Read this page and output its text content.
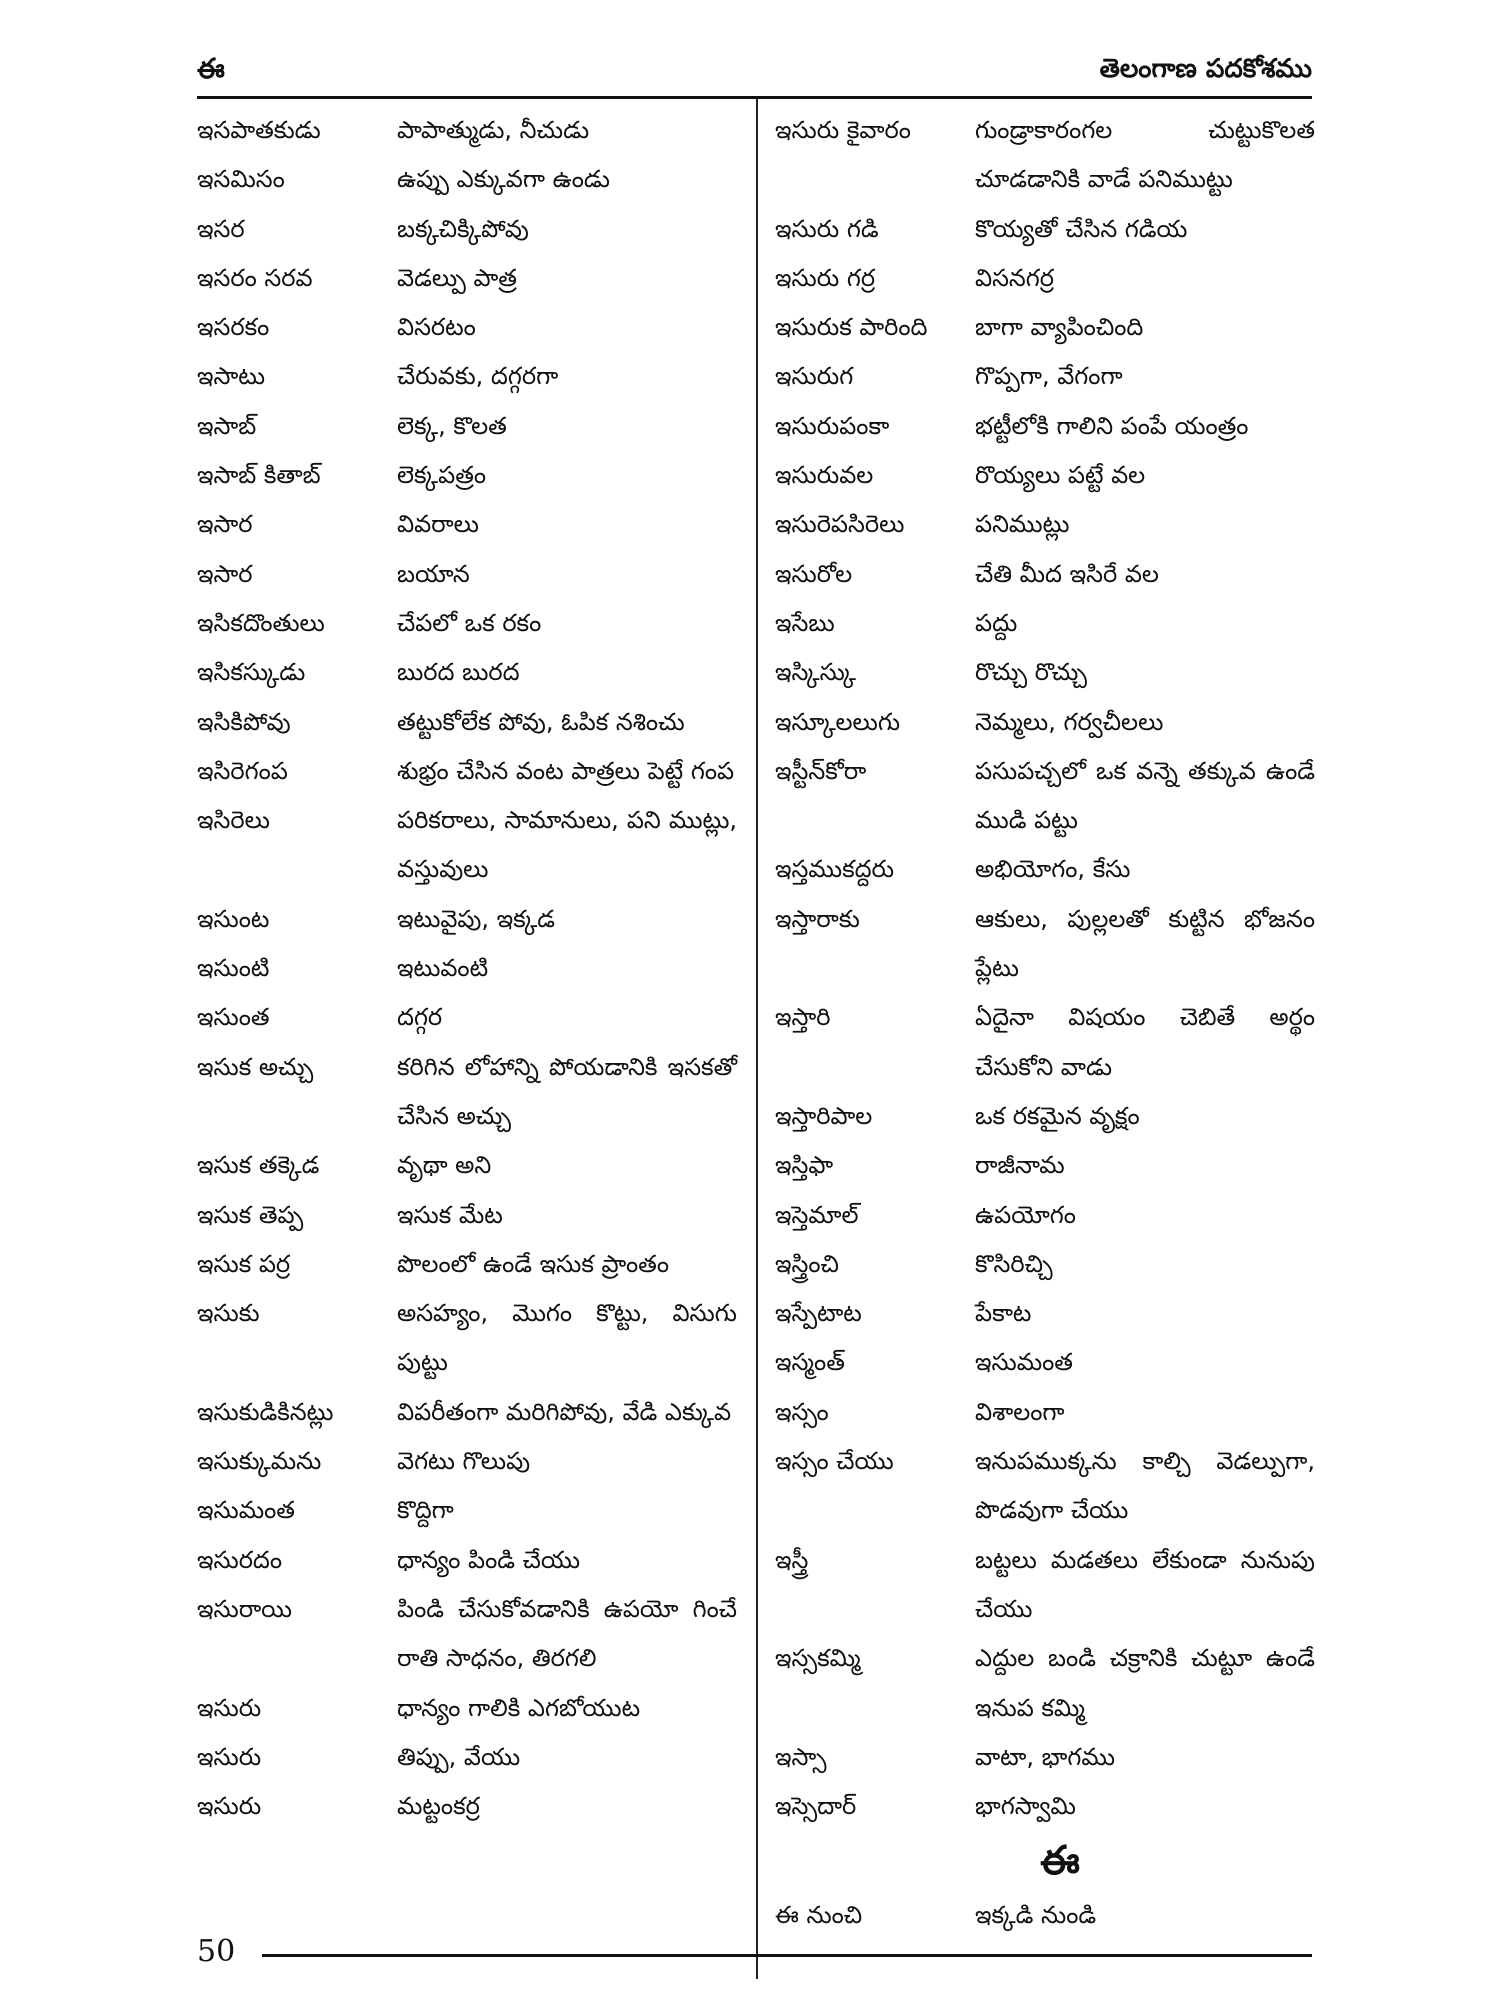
ఈ	తెలంగాణ పదకోశము
ఇసపాతకుడు	పాపాత్ముడు, నీచుడు
ఇసమిసం	ఉప్పు ఎక్కువగా ఉండు
ఇసర	బక్కచిక్కిపోవు
ఇసరం సరవ	వెడల్పు పాత్ర
ఇసరకం	విసరటం
ఇసాటు	చేరువకు, దగ్గరగా
ఇసాబ్	లెక్క, కొలత
ఇసాబ్ కితాబ్	లెక్కపత్రం
ఇసార	వివరాలు
ఇసార	బయాన
ఇసికదొంతులు	చేపలో ఒక రకం
ఇసికస్కుడు	బురద బురద
ఇసికిపోవు	తట్టుకోలేక పోవు, ఓపిక నశించు
ఇసిరెగంప	శుభ్రం చేసిన వంట పాత్రలు పెట్టే గంప
ఇసిరెలు	పరికరాలు, సామానులు, పని ముట్లు, వస్తువులు
ఇసుంట	ఇటువైపు, ఇక్కడ
ఇసుంటి	ఇటువంటి
ఇసుంత	దగ్గర
ఇసుక అచ్చు	కరిగిన లోహాన్ని పోయడానికి ఇసకతో చేసిన అచ్చు
ఇసుక తక్కెడ	వృథా అని
ఇసుక తెప్ప	ఇసుక మేట
ఇసుక పర్ర	పొలంలో ఉండే ఇసుక ప్రాంతం
ఇసుకు	అసహ్యం, మొగం కొట్టు, విసుగు పుట్టు
ఇసుకుడికినట్లు	విపరీతంగా మరిగిపోవు, వేడి ఎక్కువ
ఇసుక్కుమను	వెగటు గొలుపు
ఇసుమంత	కొద్దిగా
ఇసురదం	ధాన్యం పిండి చేయు
ఇసురాయి	పిండి చేసుకోవడానికి ఉపయో గించే రాతి సాధనం, తిరగలి
ఇసురు	ధాన్యం గాలికి ఎగబోయుట
ఇసురు	తిప్పు, వేయు
ఇసురు	మట్టంకర్ర
ఇసురు కైవారం	గుండ్రాకారంగల చుట్టుకొలత చూడడానికి వాడే పనిముట్టు
ఇసురు గడి	కొయ్యతో చేసిన గడియ
ఇసురు గర్ర	విసనగర్ర
ఇసురుక పారింది	బాగా వ్యాపించింది
ఇసురుగ	గొప్పగా, వేగంగా
ఇసురుపంకా	భట్టీలోకి గాలిని పంపే యంత్రం
ఇసురువల	రొయ్యలు పట్టే వల
ఇసురెపసిరెలు	పనిముట్లు
ఇసురోల	చేతి మీద ఇసిరే వల
ఇసేబు	పద్దు
ఇస్కిస్కు	రొచ్చు రొచ్చు
ఇస్కూలలుగు	నెమ్మలు, గర్వచీలలు
ఇస్టీన్‌కోరా	పసుపచ్చలో ఒక వన్నె తక్కువ ఉండే ముడి పట్టు
ఇస్తముకద్దరు	అభియోగం, కేసు
ఇస్తారాకు	ఆకులు, పుల్లలతో కుట్టిన భోజనం ప్లేటు
ఇస్తారి	ఏదైనా విషయం చెబితే అర్థం చేసుకోని వాడు
ఇస్తారిపాల	ఒక రకమైన వృక్షం
ఇస్తిఫా	రాజీనామ
ఇస్తెమాల్	ఉపయోగం
ఇస్త్రించి	కొసిరిచ్చి
ఇస్పేటాట	పేకాట
ఇస్మంత్	ఇసుమంత
ఇస్సం	విశాలంగా
ఇస్సం చేయు	ఇనుపముక్కను కాల్చి వెడల్పుగా, పొడవుగా చేయు
ఇస్త్రీ	బట్టలు మడతలు లేకుండా నునుపు చేయు
ఇస్సకమ్మి	ఎద్దుల బండి చక్రానికి చుట్టూ ఉండే ఇనుప కమ్మి
ఇస్సా	వాటా, భాగము
ఇస్సెదార్	భాగస్వామి
ఈ
ఈ నుంచి	ఇక్కడి నుండి
50
